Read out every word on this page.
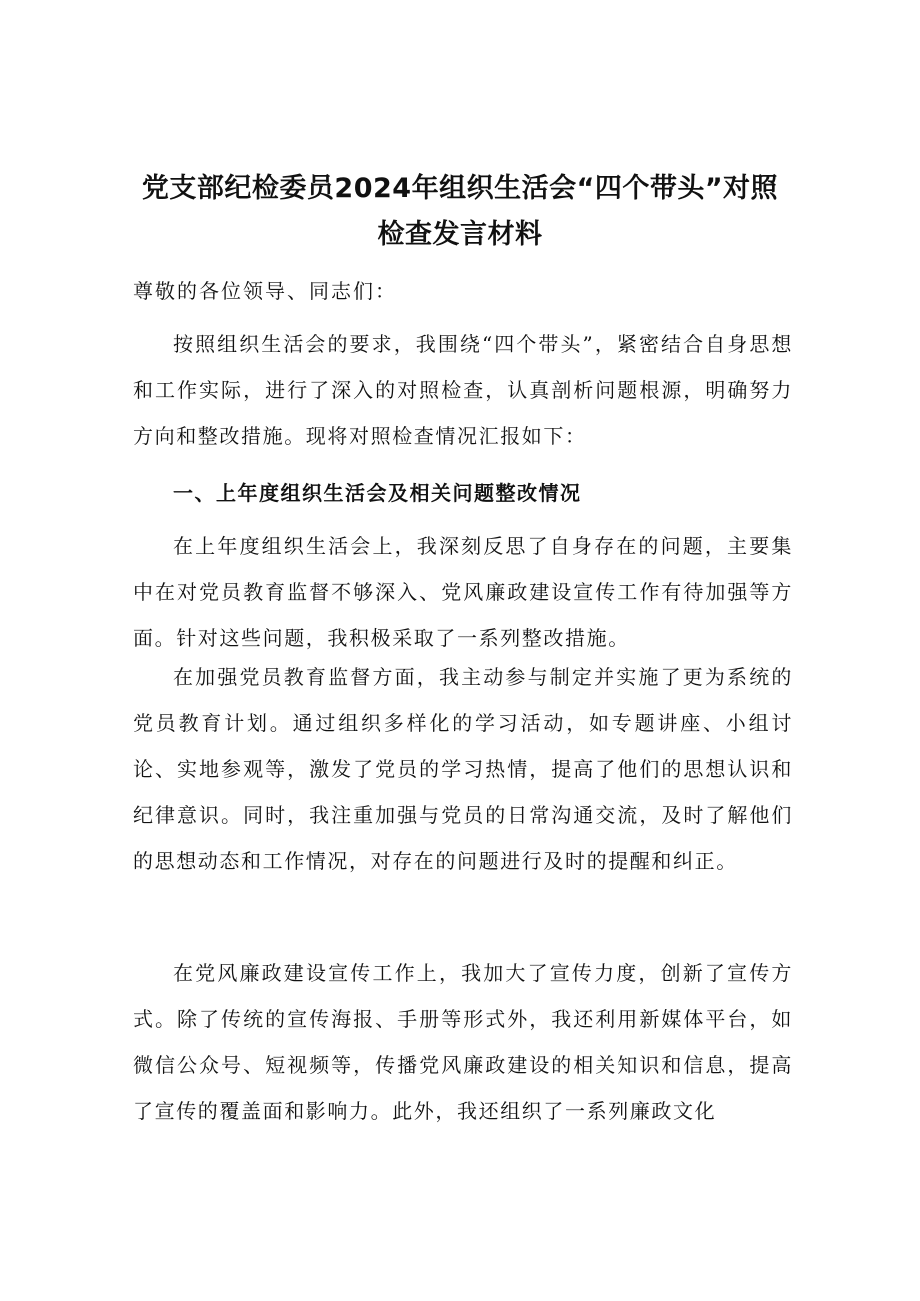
党支部纪检委员2024年组织生活会“四个带头”对照
检查发言材料

尊敬的各位领导、同志们：

按照组织生活会的要求，我围绕“四个带头”，紧密结合自身思想和工作实际，进行了深入的对照检查，认真剖析问题根源，明确努力方向和整改措施。现将对照检查情况汇报如下：

一、上年度组织生活会及相关问题整改情况

在上年度组织生活会上，我深刻反思了自身存在的问题，主要集中在对党员教育监督不够深入、党风廉政建设宣传工作有待加强等方面。针对这些问题，我积极采取了一系列整改措施。

在加强党员教育监督方面，我主动参与制定并实施了更为系统的党员教育计划。通过组织多样化的学习活动，如专题讲座、小组讨论、实地参观等，激发了党员的学习热情，提高了他们的思想认识和纪律意识。同时，我注重加强与党员的日常沟通交流，及时了解他们的思想动态和工作情况，对存在的问题进行及时的提醒和纠正。

在党风廉政建设宣传工作上，我加大了宣传力度，创新了宣传方式。除了传统的宣传海报、手册等形式外，我还利用新媒体平台，如微信公众号、短视频等，传播党风廉政建设的相关知识和信息，提高了宣传的覆盖面和影响力。此外，我还组织了一系列廉政文化
